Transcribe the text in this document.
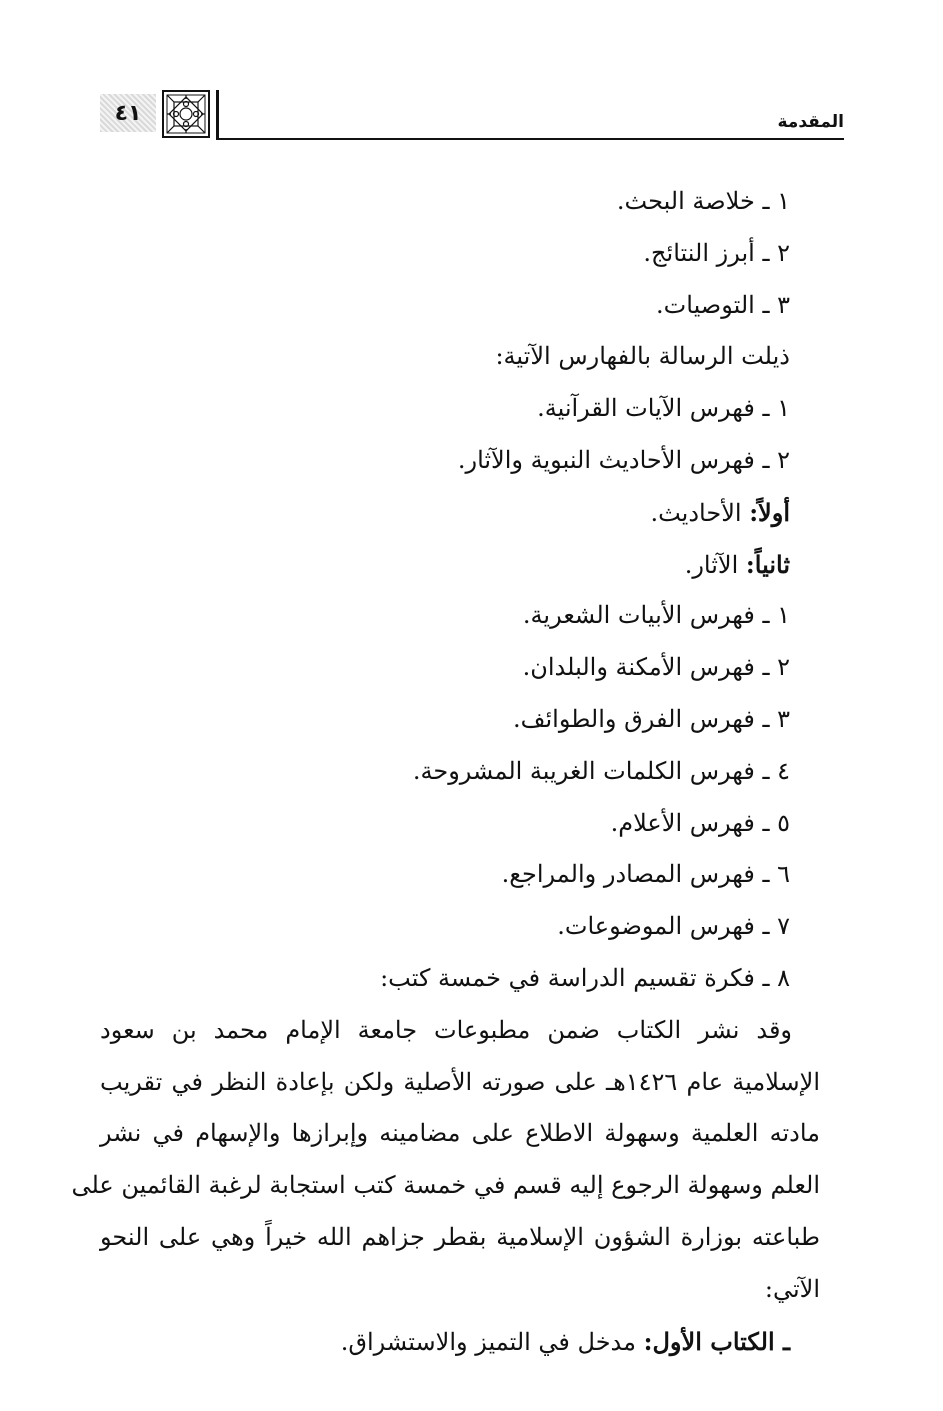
٤١	المقدمة
١ ـ خلاصة البحث.
٢ ـ أبرز النتائج.
٣ ـ التوصيات.
ذيلت الرسالة بالفهارس الآتية:
١ ـ فهرس الآيات القرآنية.
٢ ـ فهرس الأحاديث النبوية والآثار.
أولاً: الأحاديث.
ثانياً: الآثار.
١ ـ فهرس الأبيات الشعرية.
٢ ـ فهرس الأمكنة والبلدان.
٣ ـ فهرس الفرق والطوائف.
٤ ـ فهرس الكلمات الغريبة المشروحة.
٥ ـ فهرس الأعلام.
٦ ـ فهرس المصادر والمراجع.
٧ ـ فهرس الموضوعات.
٨ ـ فكرة تقسيم الدراسة في خمسة كتب:
وقد نشر الكتاب ضمن مطبوعات جامعة الإمام محمد بن سعود
الإسلامية عام ١٤٢٦هـ على صورته الأصلية ولكن بإعادة النظر في تقريب
مادته العلمية وسهولة الاطلاع على مضامينه وإبرازها والإسهام في نشر
العلم وسهولة الرجوع إليه قسم في خمسة كتب استجابة لرغبة القائمين على
طباعته بوزارة الشؤون الإسلامية بقطر جزاهم الله خيراً وهي على النحو
الآتي:
ـ الكتاب الأول: مدخل في التميز والاستشراق.
